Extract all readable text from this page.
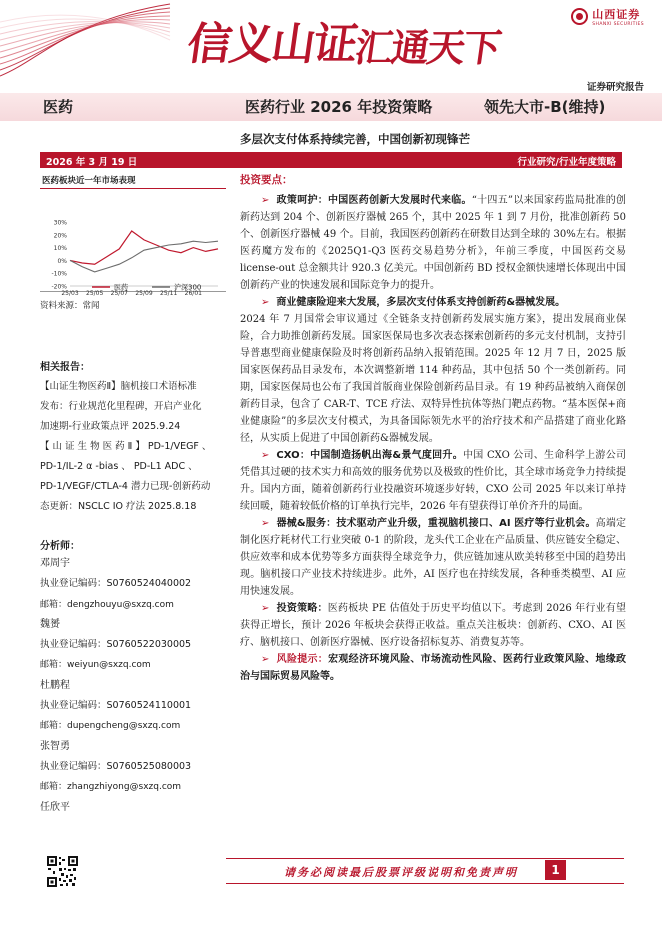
信
义
山
证
汇
通
天
下
山西证券
SHANXI SECURITIES
证券研究报告
医药	医药行业 2026 年投资策略	领先大市-B(维持)
多层次支付体系持续完善，中国创新初现锋芒
2026 年 3 月 19 日	行业研究/行业年度策略
医药板块近一年市场表现
30%
20%
10%
0%
-10%
-20%
25/03 25/05 25/07 25/09 25/11 26/01
医药	沪深300
资料来源：常闻
相关报告：
【山证生物医药Ⅱ】脑机接口术语标准
发布：行业规范化里程碑，开启产业化
加速期-行业政策点评 2025.9.24
【 山 证 生 物 医 药 Ⅱ 】 PD-1/VEGF 、
PD-1/IL-2 α -bias 、 PD-L1 ADC 、
PD-1/VEGF/CTLA-4 潜力已现-创新药动
态更新：NSCLC IO 疗法 2025.8.18
分析师：
邓周宇
执业登记编码：S0760524040002
邮箱：dengzhouyu@sxzq.com
魏赟
执业登记编码：S0760522030005
邮箱：weiyun@sxzq.com
杜鹏程
执业登记编码：S0760524110001
邮箱：dupengcheng@sxzq.com
张智勇
执业登记编码：S0760525080003
邮箱：zhangzhiyong@sxzq.com
任欣平
投资要点：

➢ 政策呵护：中国医药创新大发展时代来临。“十四五”以来国家药监局批准的创新药达到 204 个、创新医疗器械 265 个，其中 2025 年 1 到 7 月份，批准创新药 50 个、创新医疗器械 49 个。目前，我国医药创新药在研数目达到全球的 30%左右。根据医药魔方发布的《2025Q1-Q3 医药交易趋势分析》，年前三季度，中国医药交易 license-out 总金额共计 920.3 亿美元。中国创新药 BD 授权金额快速增长体现出中国创新药产业的快速发展和国际竞争力的提升。

➢ 商业健康险迎来大发展，多层次支付体系支持创新药&器械发展。

2024 年 7 月国常会审议通过《全链条支持创新药发展实施方案》，提出发展商业保险，合力助推创新药发展。国家医保局也多次表态探索创新药的多元支付机制，支持引导普惠型商业健康保险及时将创新药品纳入报销范围。2025 年 12 月 7 日，2025 版国家医保药品目录发布，本次调整新增 114 种药品，其中包括 50 个一类创新药。同期，国家医保局也公布了我国首版商业保险创新药品目录。有 19 种药品被纳入商保创新药目录，包含了 CAR-T、TCE 疗法、双特异性抗体等热门靶点药物。“基本医保+商业健康险”的多层次支付模式，为具备国际领先水平的治疗技术和产品搭建了商业化路径，从实质上促进了中国创新药&器械发展。

➢ CXO：中国制造扬帆出海&景气度回升。中国 CXO 公司、生命科学上游公司凭借其过硬的技术实力和高效的服务优势以及极致的性价比，其全球市场竞争力持续提升。国内方面，随着创新药行业投融资环境逐步好转，CXO 公司 2025 年以来订单持续回暖，随着较低价格的订单执行完毕，2026 年有望获得订单价齐升的局面。

➢ 器械&服务：技术驱动产业升级，重视脑机接口、AI 医疗等行业机会。高端定制化医疗耗材代工行业突破 0-1 的阶段，龙头代工企业在产品质量、供应链安全稳定、供应效率和成本优势等多方面获得全球竞争力，供应链加速从欧美转移至中国的趋势出现。脑机接口产业技术持续进步。此外，AI 医疗也在持续发展，各种垂类模型、AI 应用快速发展。

➢ 投资策略：医药板块 PE 估值处于历史平均值以下。考虑到 2026 年行业有望获得正增长，预计 2026 年板块会获得正收益。重点关注板块：创新药、CXO、AI 医疗、脑机接口、创新医疗器械、医疗设备招标复苏、消费复苏等。

➢ 风险提示：宏观经济环境风险、市场流动性风险、医药行业政策风险、地缘政治与国际贸易风险等。

请务必阅读最后股票评级说明和免责声明	1
